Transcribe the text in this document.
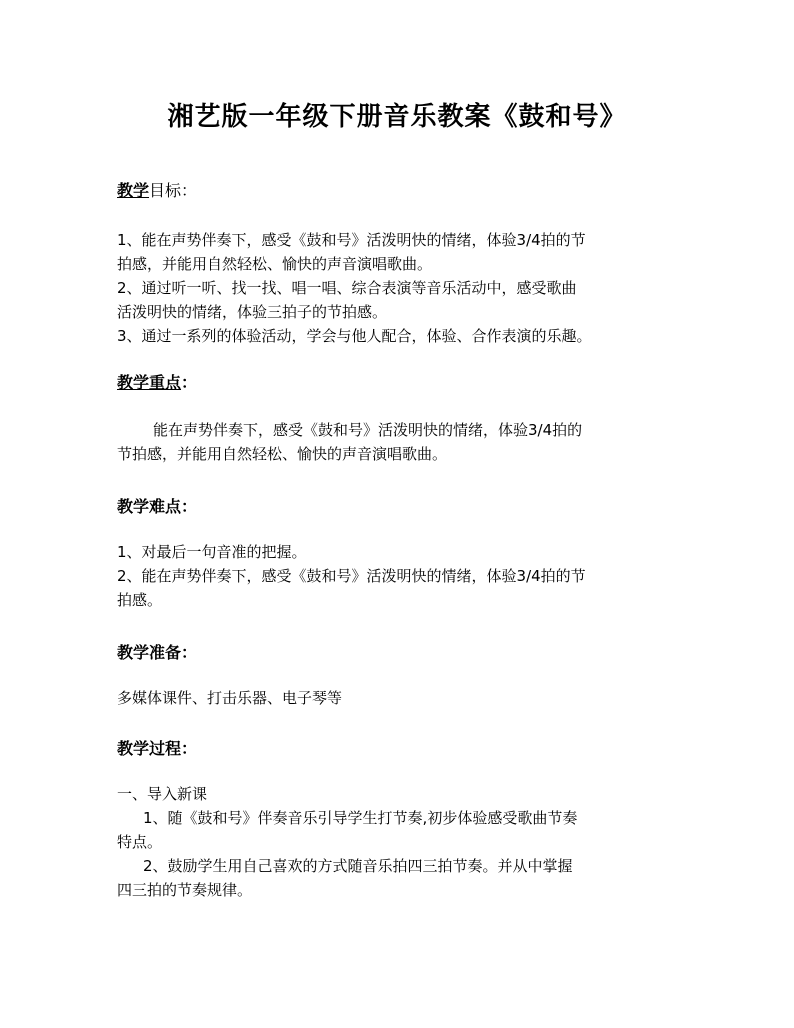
湘艺版一年级下册音乐教案《鼓和号》
教学目标：
1、能在声势伴奏下，感受《鼓和号》活泼明快的情绪，体验3/4拍的节
拍感，并能用自然轻松、愉快的声音演唱歌曲。
2、通过听一听、找一找、唱一唱、综合表演等音乐活动中，感受歌曲
活泼明快的情绪，体验三拍子的节拍感。
3、通过一系列的体验活动，学会与他人配合，体验、合作表演的乐趣。
教学重点：
能在声势伴奏下，感受《鼓和号》活泼明快的情绪，体验3/4拍的
节拍感，并能用自然轻松、愉快的声音演唱歌曲。
教学难点：
1、对最后一句音准的把握。
2、能在声势伴奏下，感受《鼓和号》活泼明快的情绪，体验3/4拍的节
拍感。
教学准备：
多媒体课件、打击乐器、电子琴等
教学过程：
一、导入新课
1、随《鼓和号》伴奏音乐引导学生打节奏,初步体验感受歌曲节奏
特点。
2、鼓励学生用自己喜欢的方式随音乐拍四三拍节奏。并从中掌握
四三拍的节奏规律。
